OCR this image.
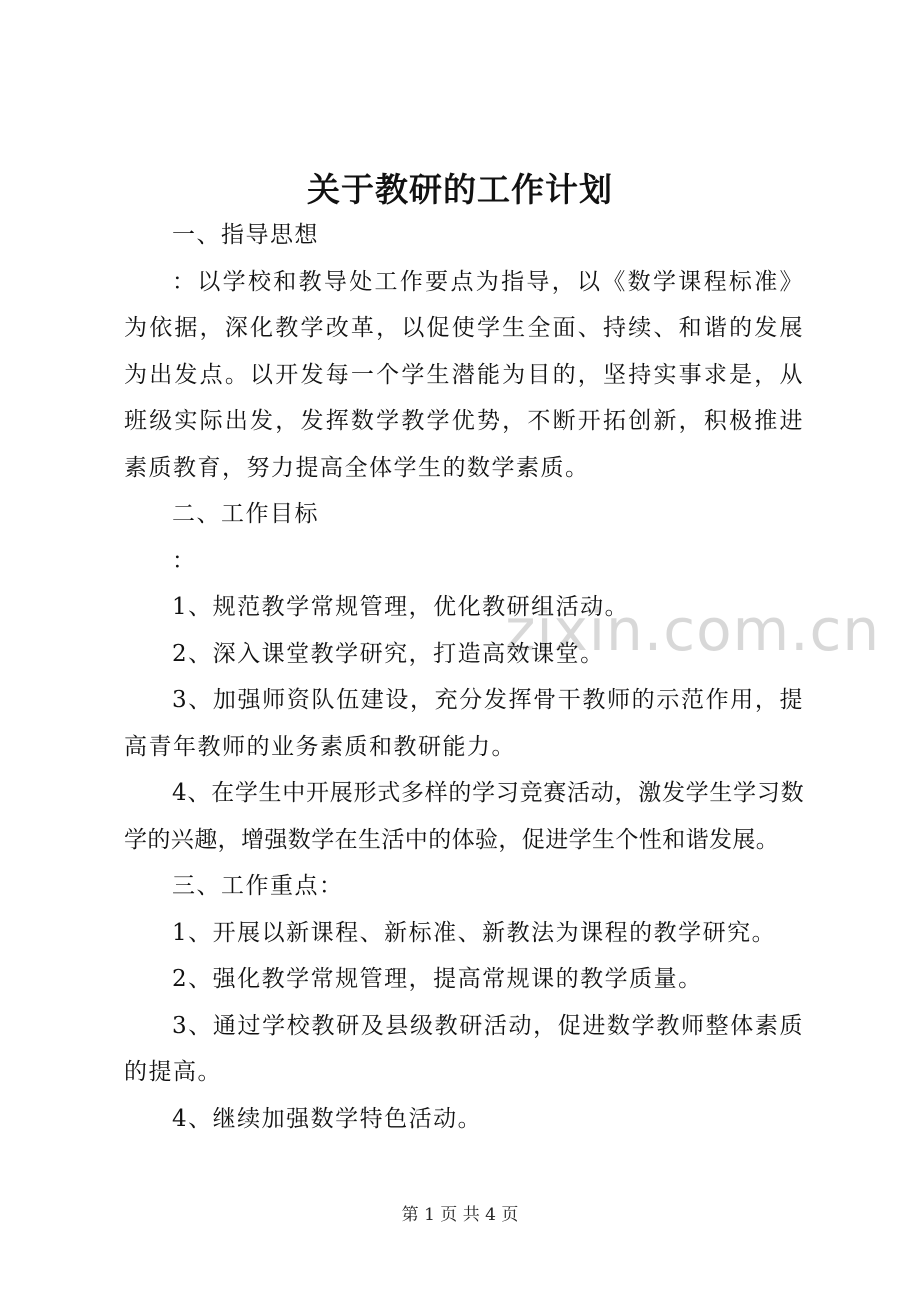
zixin.com.cn
关于教研的工作计划

一、指导思想

：以学校和教导处工作要点为指导，以《数学课程标准》为依据，深化教学改革，以促使学生全面、持续、和谐的发展为出发点。以开发每一个学生潜能为目的，坚持实事求是，从班级实际出发，发挥数学教学优势，不断开拓创新，积极推进素质教育，努力提高全体学生的数学素质。

二、工作目标

：

1、规范教学常规管理，优化教研组活动。

2、深入课堂教学研究，打造高效课堂。

3、加强师资队伍建设，充分发挥骨干教师的示范作用，提高青年教师的业务素质和教研能力。

4、在学生中开展形式多样的学习竞赛活动，激发学生学习数学的兴趣，增强数学在生活中的体验，促进学生个性和谐发展。

三、工作重点：

1、开展以新课程、新标准、新教法为课程的教学研究。

2、强化教学常规管理，提高常规课的教学质量。

3、通过学校教研及县级教研活动，促进数学教师整体素质的提高。

4、继续加强数学特色活动。

第 1 页 共 4 页
